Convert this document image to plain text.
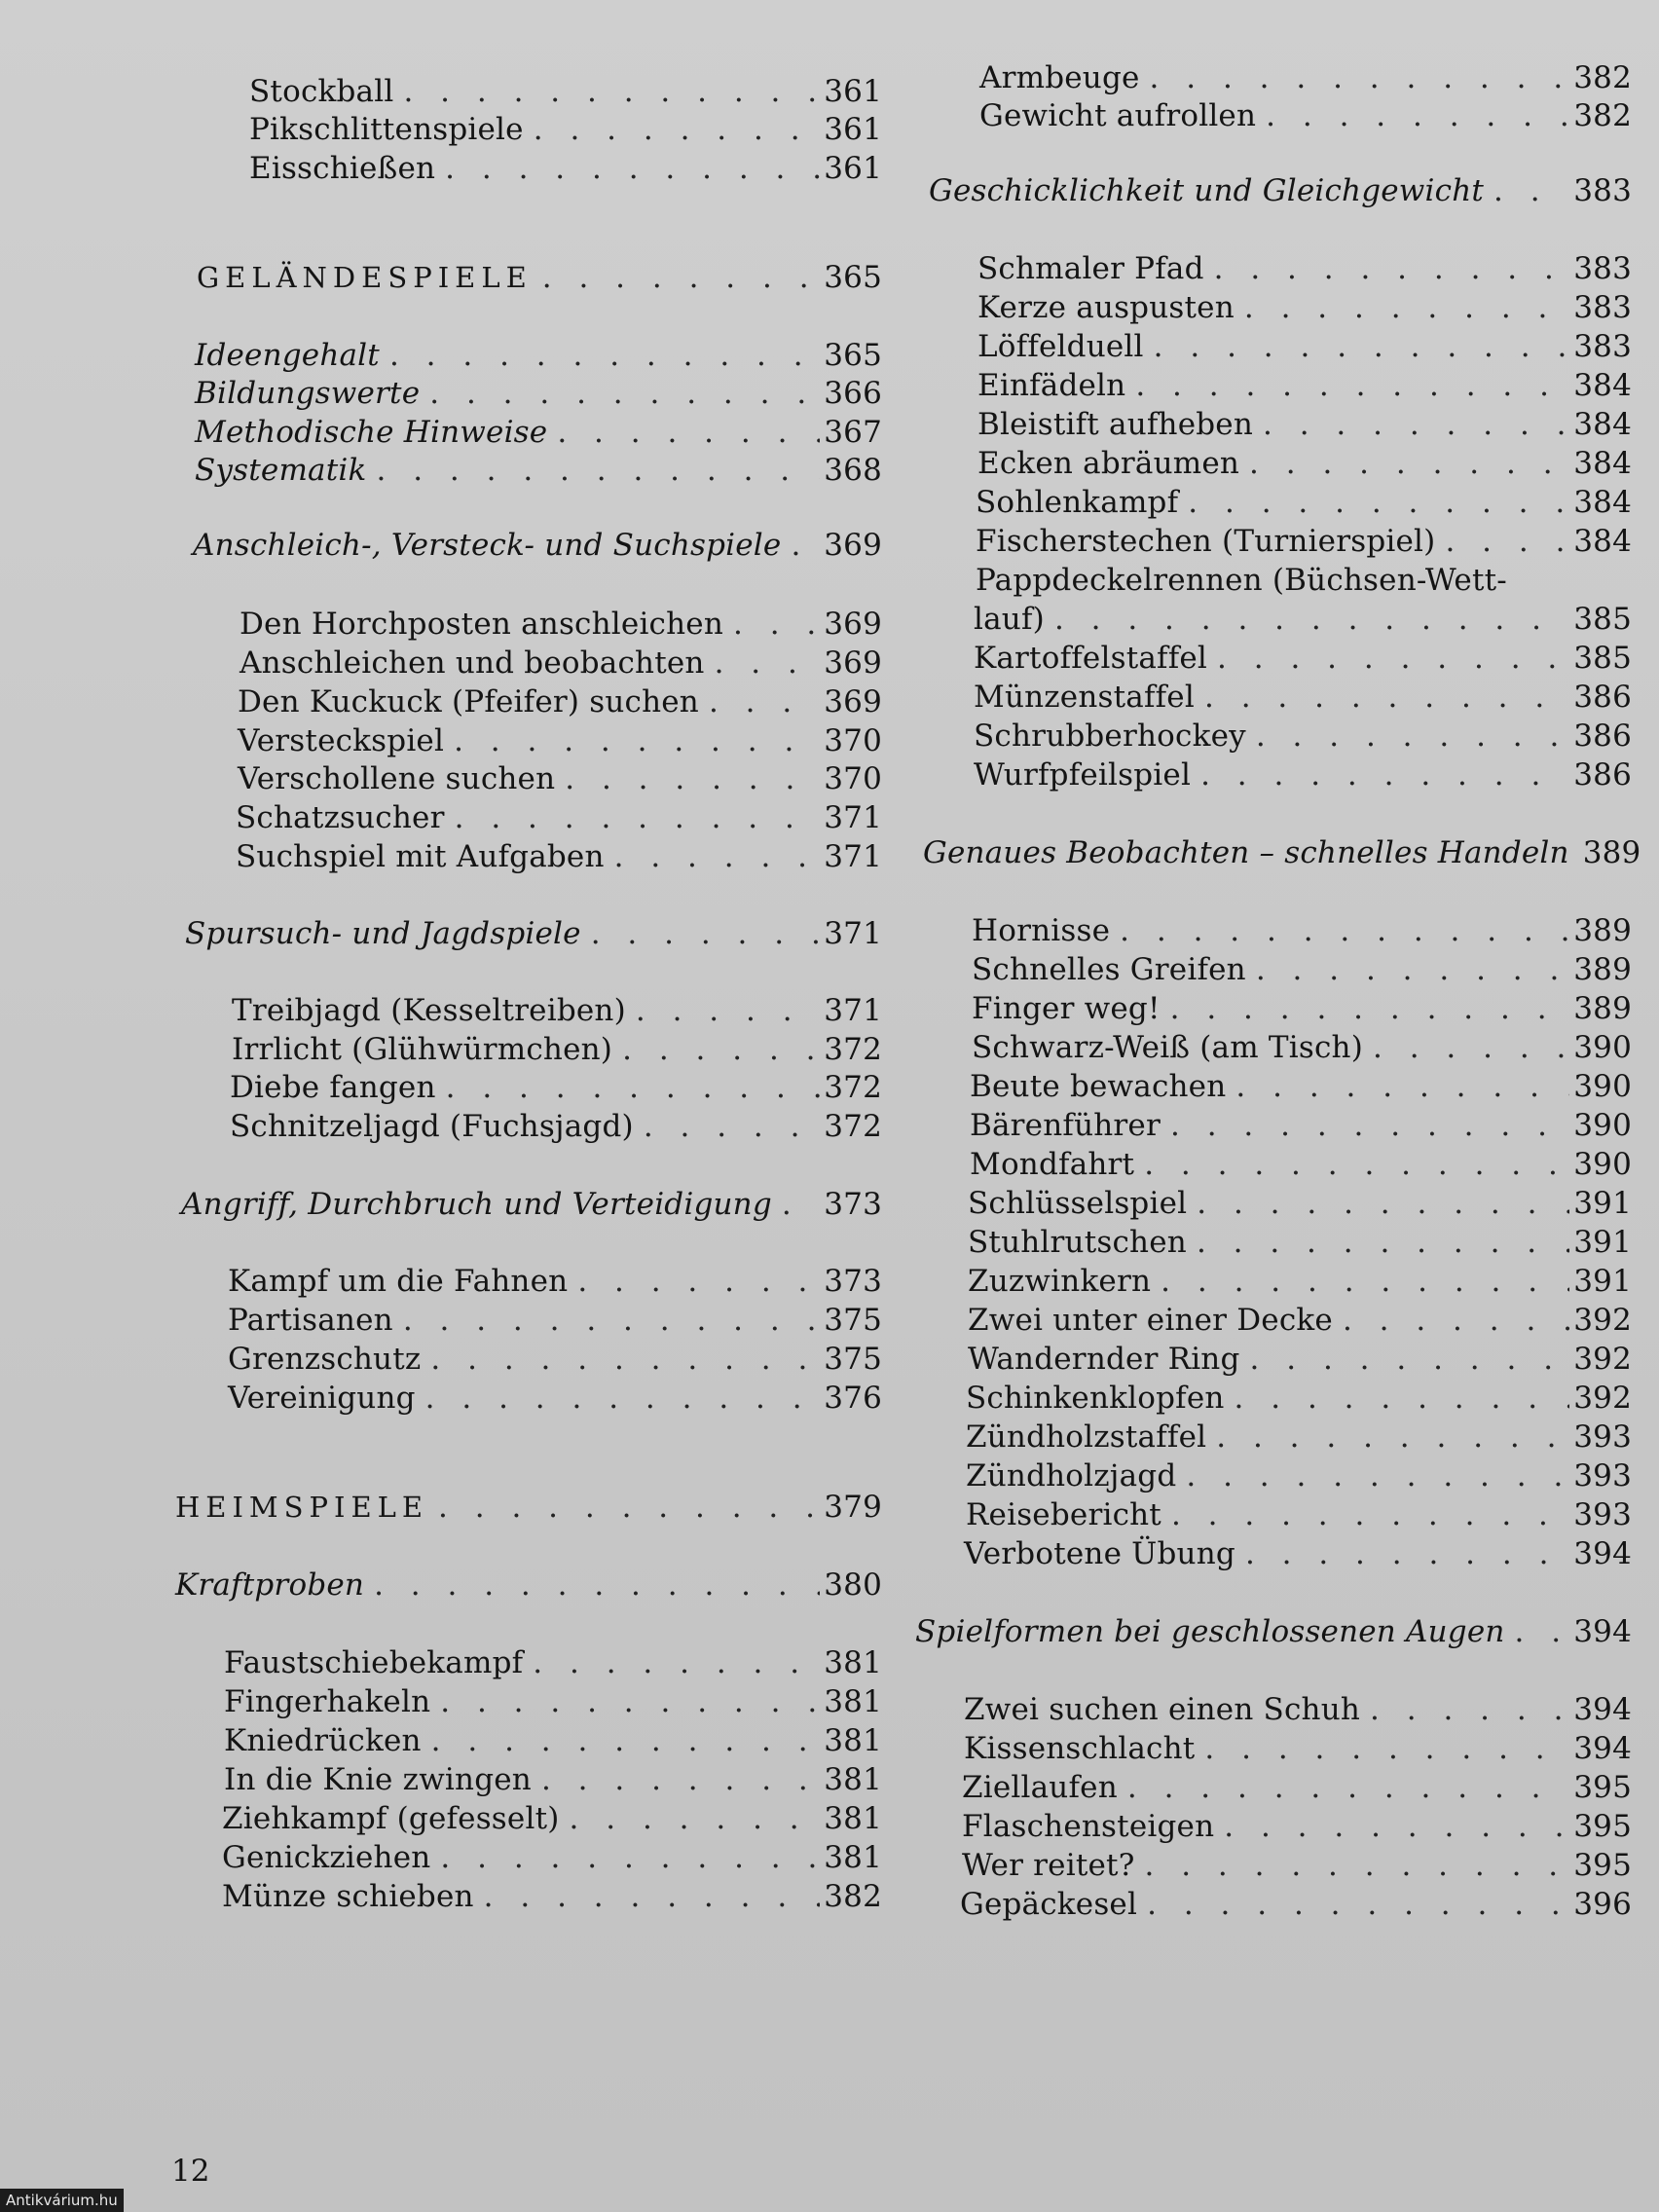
Stockball . . .	361
Pikschlittenspiele . . .	361
Eisschießen . . .	361
GELÄNDESPIELE . . .	365
Ideengehalt . . .	365
Bildungswerte . . .	366
Methodische Hinweise . . .	367
Systematik . . .	368
Anschleich-, Versteck- und Suchspiele . . . 369
Den Horchposten anschleichen . . .	369
Anschleichen und beobachten . . .	369
Den Kuckuck (Pfeifer) suchen . . .	369
Versteckspiel . . .	370
Verschollene suchen . . .	370
Schatzsucher . . .	371
Suchspiel mit Aufgaben . . .	371
Spursuch- und Jagdspiele . . .	371
Treibjagd (Kesseltreiben) . . .	371
Irrlicht (Glühwürmchen) . . .	372
Diebe fangen . . .	372
Schnitzeljagd (Fuchsjagd) . . .	372
Angriff, Durchbruch und Verteidigung . . . 373
Kampf um die Fahnen . . .	373
Partisanen . . .	375
Grenzschutz . . .	375
Vereinigung . . .	376
HEIMSPIELE . . .	379
Kraftproben . . .	380
Faustschiebekampf . . .	381
Fingerhakeln . . .	381
Kniedrücken . . .	381
In die Knie zwingen . . .	381
Ziehkampf (gefesselt) . . .	381
Genickziehen . . .	381
Münze schieben . . .	382
Armbeuge . . .	382
Gewicht aufrollen . . .	382
Geschicklichkeit und Gleichgewicht . . .	383
Schmaler Pfad . . .	383
Kerze auspusten . . .	383
Löffelduell . . .	383
Einfädeln . . .	384
Bleistift aufheben . . .	384
Ecken abräumen . . .	384
Sohlenkampf . . .	384
Fischerstechen (Turnierspiel) . . .	384
Pappdeckelrennen (Büchsen-Wett-
lauf) . . .	385
Kartoffelstaffel . . .	385
Münzenstaffel . . .	386
Schrubberhockey . . .	386
Wurfpfeilspiel . . .	386
Genaues Beobachten – schnelles Handeln 389
Hornisse . . .	389
Schnelles Greifen . . .	389
Finger weg! . . .	389
Schwarz-Weiß (am Tisch) . . .	390
Beute bewachen . . .	390
Bärenführer . . .	390
Mondfahrt . . .	390
Schlüsselspiel . . .	391
Stuhlrutschen . . .	391
Zuzwinkern . . .	391
Zwei unter einer Decke . . .	392
Wandernder Ring . . .	392
Schinkenklopfen . . .	392
Zündholzstaffel . . .	393
Zündholzjagd . . .	393
Reisebericht . . .	393
Verbotene Übung . . .	394
Spielformen bei geschlossenen Augen . . . 394
Zwei suchen einen Schuh . . .	394
Kissenschlacht . . .	394
Ziellaufen . . .	395
Flaschensteigen . . .	395
Wer reitet? . . .	395
Gepäckesel . . .	396
12
Antikvárium.hu
